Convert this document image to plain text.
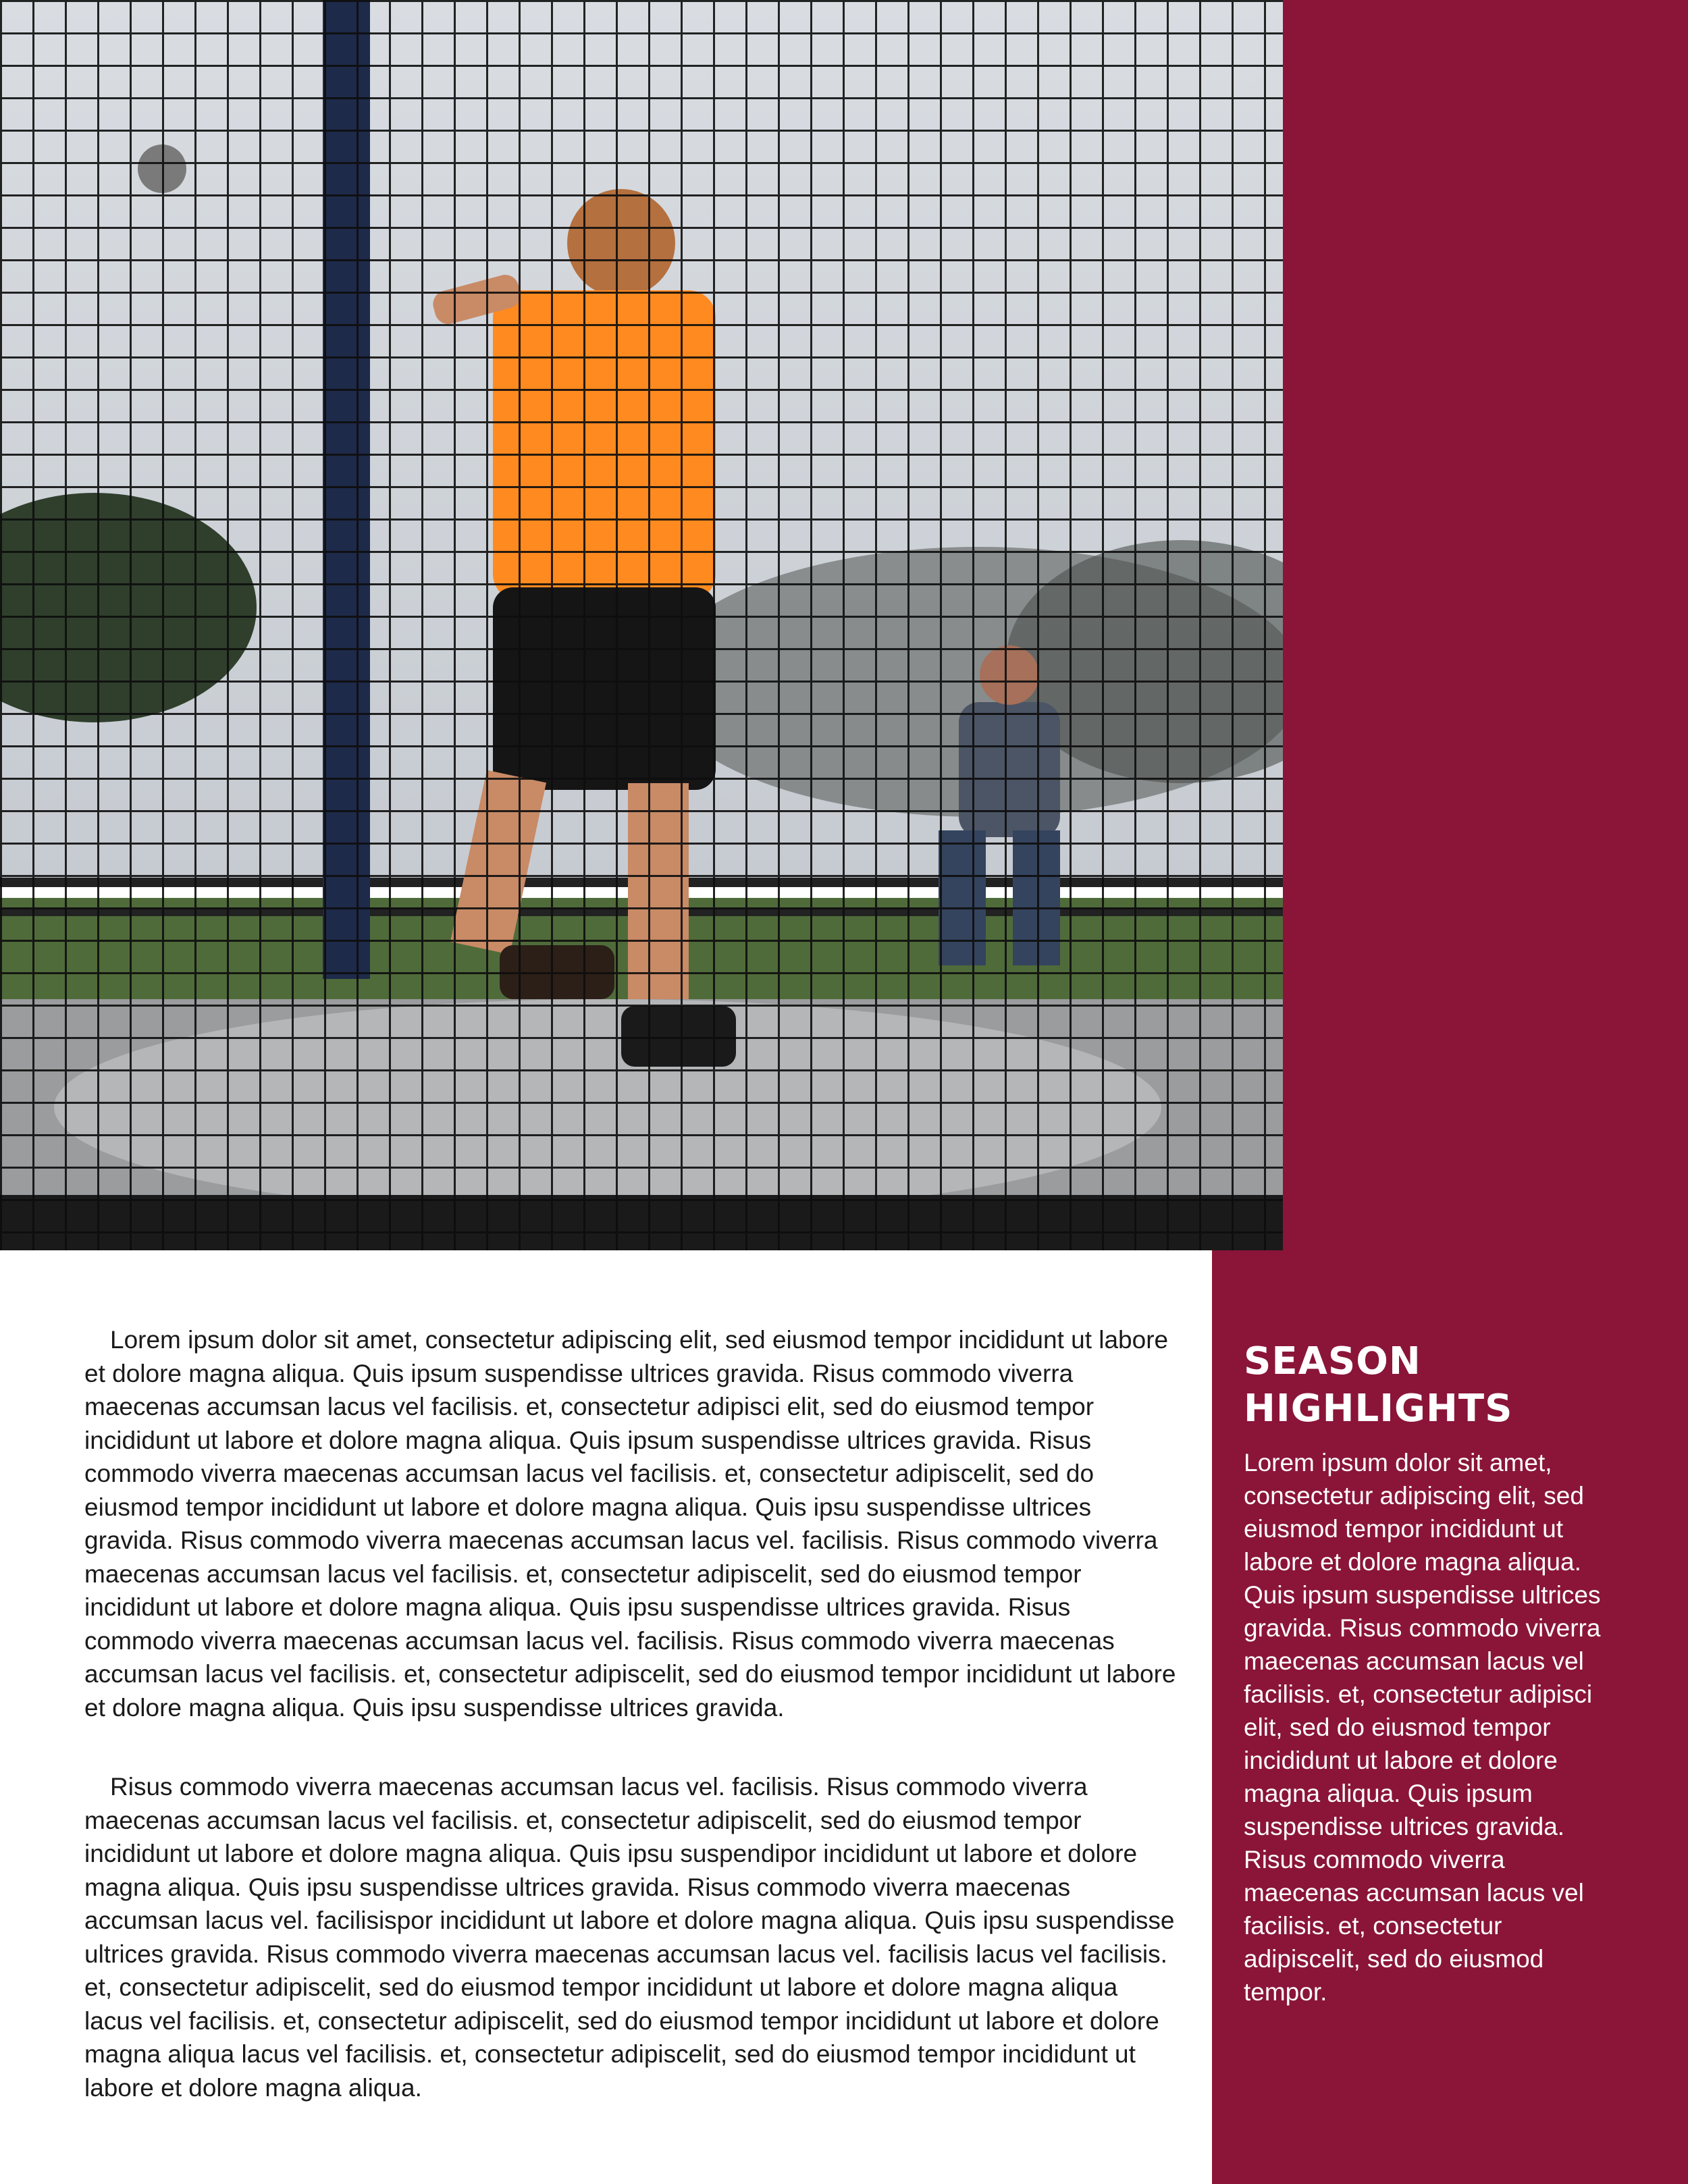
SEASON
HIGHLIGHTS

Lorem ipsum dolor sit amet, consectetur adipiscing elit, sed eiusmod tempor incididunt ut labore et dolore magna aliqua. Quis ipsum suspendisse ultrices gravida. Risus commodo viverra maecenas accumsan lacus vel facilisis. et, consectetur adipisci elit, sed do eiusmod tempor incididunt ut labore et dolore magna aliqua. Quis ipsum suspendisse ultrices gravida. Risus commodo viverra maecenas accumsan lacus vel facilisis. et, consectetur adipiscelit, sed do eiusmod tempor.

Lorem ipsum dolor sit amet, consectetur adipiscing elit, sed eiusmod tempor incididunt ut labore et dolore magna aliqua. Quis ipsum suspendisse ultrices gravida. Risus commodo viverra maecenas accumsan lacus vel facilisis. et, consectetur adipisci elit, sed do eiusmod tempor incididunt ut labore et dolore magna aliqua. Quis ipsum suspendisse ultrices gravida. Risus commodo viverra maecenas accumsan lacus vel facilisis. et, consectetur adipiscelit, sed do eiusmod tempor incididunt ut labore et dolore magna aliqua. Quis ipsu suspendisse ultrices gravida. Risus commodo viverra maecenas accumsan lacus vel. facilisis. Risus commodo viverra maecenas accumsan lacus vel facilisis. et, consectetur adipiscelit, sed do eiusmod tempor incididunt ut labore et dolore magna aliqua. Quis ipsu suspendisse ultrices gravida. Risus commodo viverra maecenas accumsan lacus vel. facilisis. Risus commodo viverra maecenas accumsan lacus vel facilisis. et, consectetur adipiscelit, sed do eiusmod tempor incididunt ut labore et dolore magna aliqua. Quis ipsu suspendisse ultrices gravida.

Risus commodo viverra maecenas accumsan lacus vel. facilisis. Risus commodo viverra maecenas accumsan lacus vel facilisis. et, consectetur adipiscelit, sed do eiusmod tempor incididunt ut labore et dolore magna aliqua. Quis ipsu suspendipor incididunt ut labore et dolore magna aliqua. Quis ipsu suspendisse ultrices gravida. Risus commodo viverra maecenas accumsan lacus vel. facilisispor incididunt ut labore et dolore magna aliqua. Quis ipsu suspendisse ultrices gravida. Risus commodo viverra maecenas accumsan lacus vel. facilisis lacus vel facilisis. et, consectetur adipiscelit, sed do eiusmod tempor incididunt ut labore et dolore magna aliqua lacus vel facilisis. et, consectetur adipiscelit, sed do eiusmod tempor incididunt ut labore et dolore magna aliqua lacus vel facilisis. et, consectetur adipiscelit, sed do eiusmod tempor incididunt ut labore et dolore magna aliqua.
